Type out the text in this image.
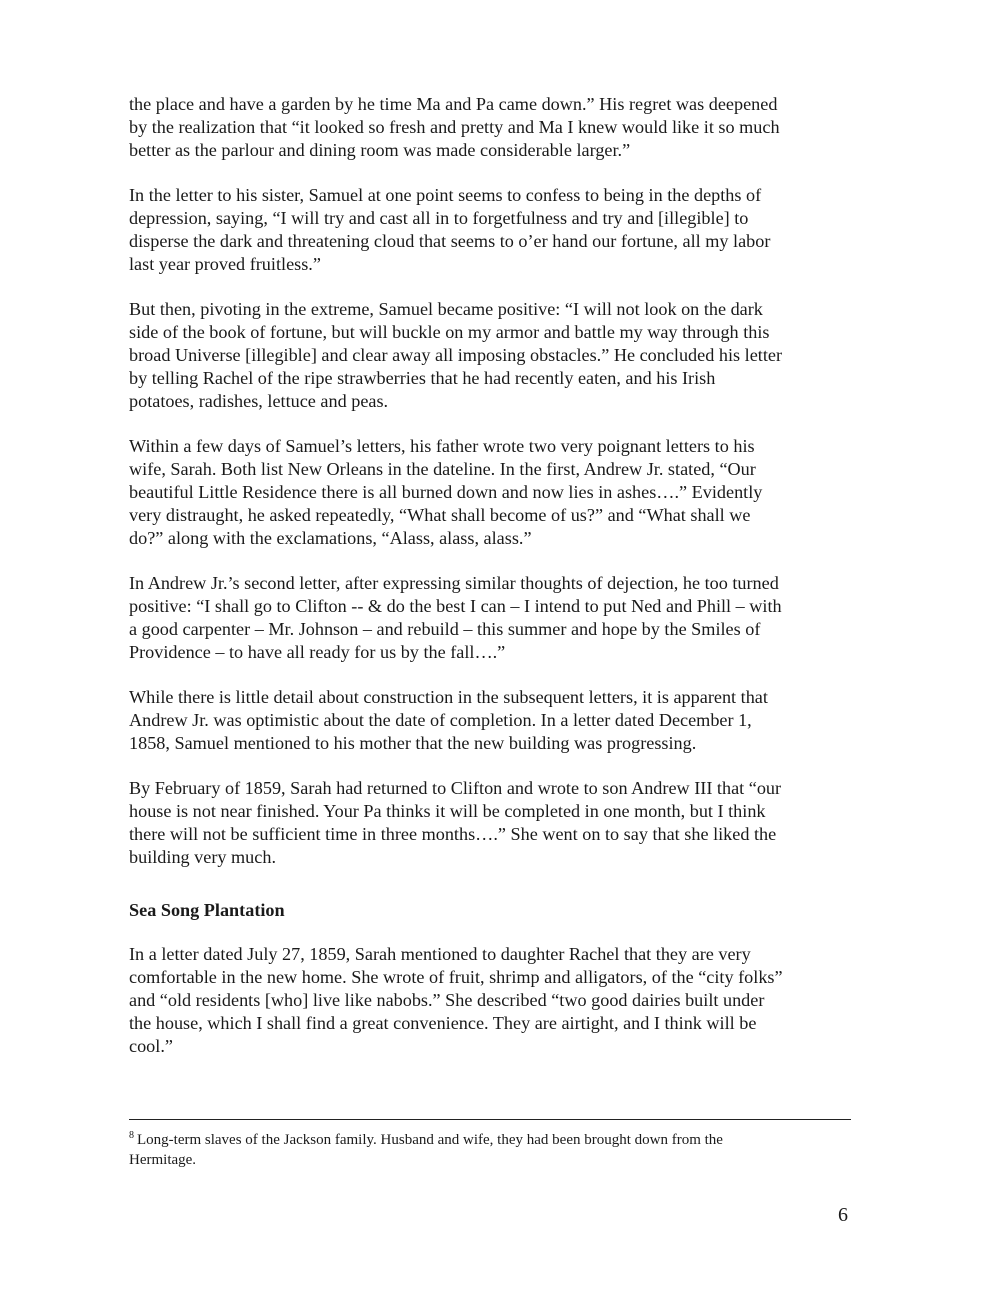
the place and have a garden by he time Ma and Pa came down.” His regret was deepened
by the realization that “it looked so fresh and pretty and Ma I knew would like it so much
better as the parlour and dining room was made considerable larger.”

In the letter to his sister, Samuel at one point seems to confess to being in the depths of
depression, saying, “I will try and cast all in to forgetfulness and try and [illegible] to
disperse the dark and threatening cloud that seems to o’er hand our fortune, all my labor
last year proved fruitless.”

But then, pivoting in the extreme, Samuel became positive: “I will not look on the dark
side of the book of fortune, but will buckle on my armor and battle my way through this
broad Universe [illegible] and clear away all imposing obstacles.” He concluded his letter
by telling Rachel of the ripe strawberries that he had recently eaten, and his Irish
potatoes, radishes, lettuce and peas.

Within a few days of Samuel’s letters, his father wrote two very poignant letters to his
wife, Sarah. Both list New Orleans in the dateline. In the first, Andrew Jr. stated, “Our
beautiful Little Residence there is all burned down and now lies in ashes….” Evidently
very distraught, he asked repeatedly, “What shall become of us?” and “What shall we
do?” along with the exclamations, “Alass, alass, alass.”

In Andrew Jr.’s second letter, after expressing similar thoughts of dejection, he too turned
positive: “I shall go to Clifton -- & do the best I can – I intend to put Ned and Phill – with
a good carpenter – Mr. Johnson – and rebuild – this summer and hope by the Smiles of
Providence – to have all ready for us by the fall….”

While there is little detail about construction in the subsequent letters, it is apparent that
Andrew Jr. was optimistic about the date of completion. In a letter dated December 1,
1858, Samuel mentioned to his mother that the new building was progressing.

By February of 1859, Sarah had returned to Clifton and wrote to son Andrew III that “our
house is not near finished. Your Pa thinks it will be completed in one month, but I think
there will not be sufficient time in three months….” She went on to say that she liked the
building very much.

Sea Song Plantation

In a letter dated July 27, 1859, Sarah mentioned to daughter Rachel that they are very
comfortable in the new home. She wrote of fruit, shrimp and alligators, of the “city folks”
and “old residents [who] live like nabobs.” She described “two good dairies built under
the house, which I shall find a great convenience. They are airtight, and I think will be
cool.”

$^8$ Long-term slaves of the Jackson family. Husband and wife, they had been brought down from the
Hermitage.
6
